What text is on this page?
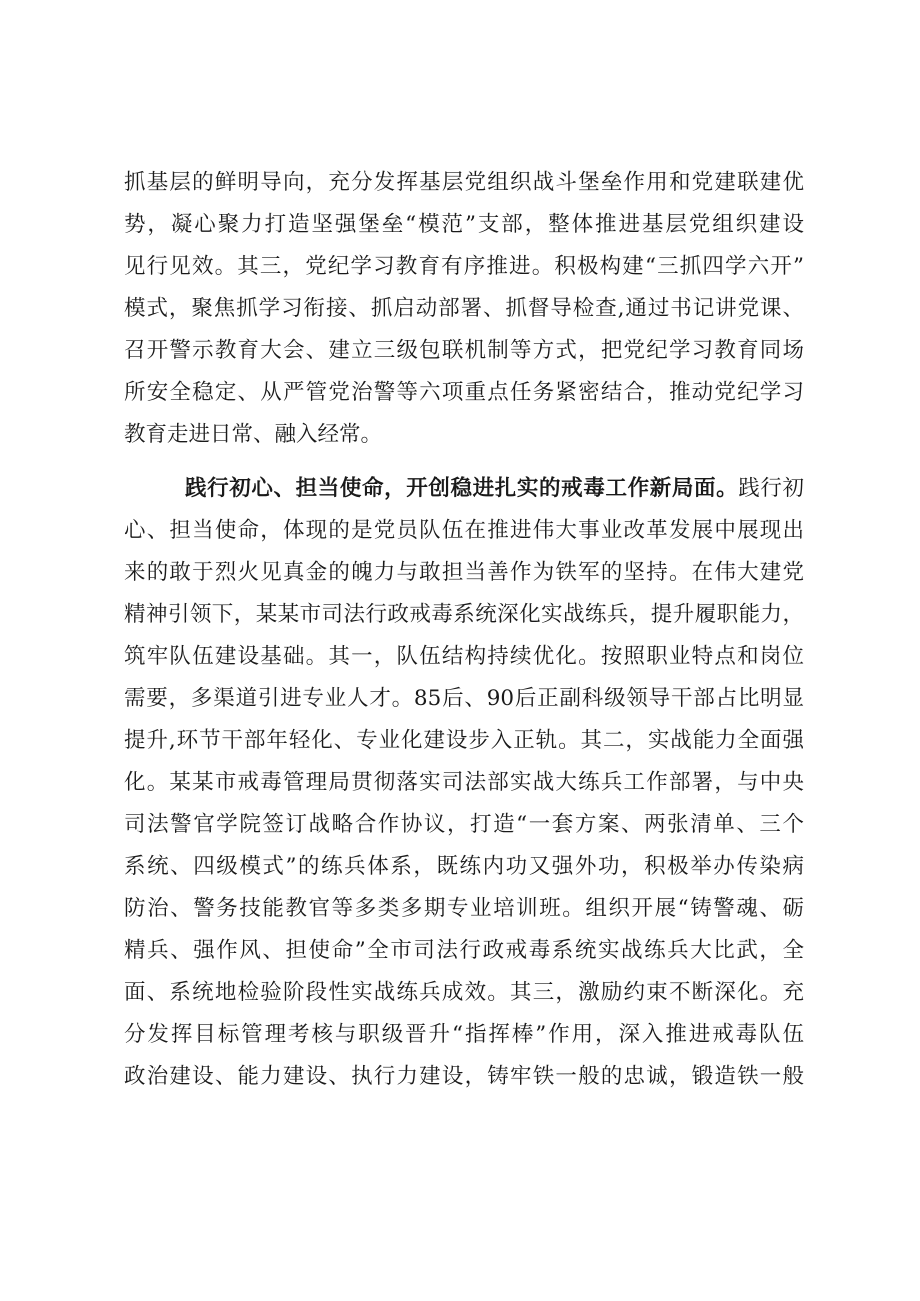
抓基层的鲜明导向，充分发挥基层党组织战斗堡垒作用和党建联建优
势，凝心聚力打造坚强堡垒“模范”支部，整体推进基层党组织建设
见行见效。其三，党纪学习教育有序推进。积极构建“三抓四学六开”
模式，聚焦抓学习衔接、抓启动部署、抓督导检查,通过书记讲党课、
召开警示教育大会、建立三级包联机制等方式，把党纪学习教育同场
所安全稳定、从严管党治警等六项重点任务紧密结合，推动党纪学习
教育走进日常、融入经常。
践行初心、担当使命，开创稳进扎实的戒毒工作新局面。践行初
心、担当使命，体现的是党员队伍在推进伟大事业改革发展中展现出
来的敢于烈火见真金的魄力与敢担当善作为铁军的坚持。在伟大建党
精神引领下，某某市司法行政戒毒系统深化实战练兵，提升履职能力，
筑牢队伍建设基础。其一，队伍结构持续优化。按照职业特点和岗位
需要，多渠道引进专业人才。85后、90后正副科级领导干部占比明显
提升,环节干部年轻化、专业化建设步入正轨。其二，实战能力全面强
化。某某市戒毒管理局贯彻落实司法部实战大练兵工作部署，与中央
司法警官学院签订战略合作协议，打造“一套方案、两张清单、三个
系统、四级模式”的练兵体系，既练内功又强外功，积极举办传染病
防治、警务技能教官等多类多期专业培训班。组织开展“铸警魂、砺
精兵、强作风、担使命”全市司法行政戒毒系统实战练兵大比武，全
面、系统地检验阶段性实战练兵成效。其三，激励约束不断深化。充
分发挥目标管理考核与职级晋升“指挥棒”作用，深入推进戒毒队伍
政治建设、能力建设、执行力建设，铸牢铁一般的忠诚，锻造铁一般
